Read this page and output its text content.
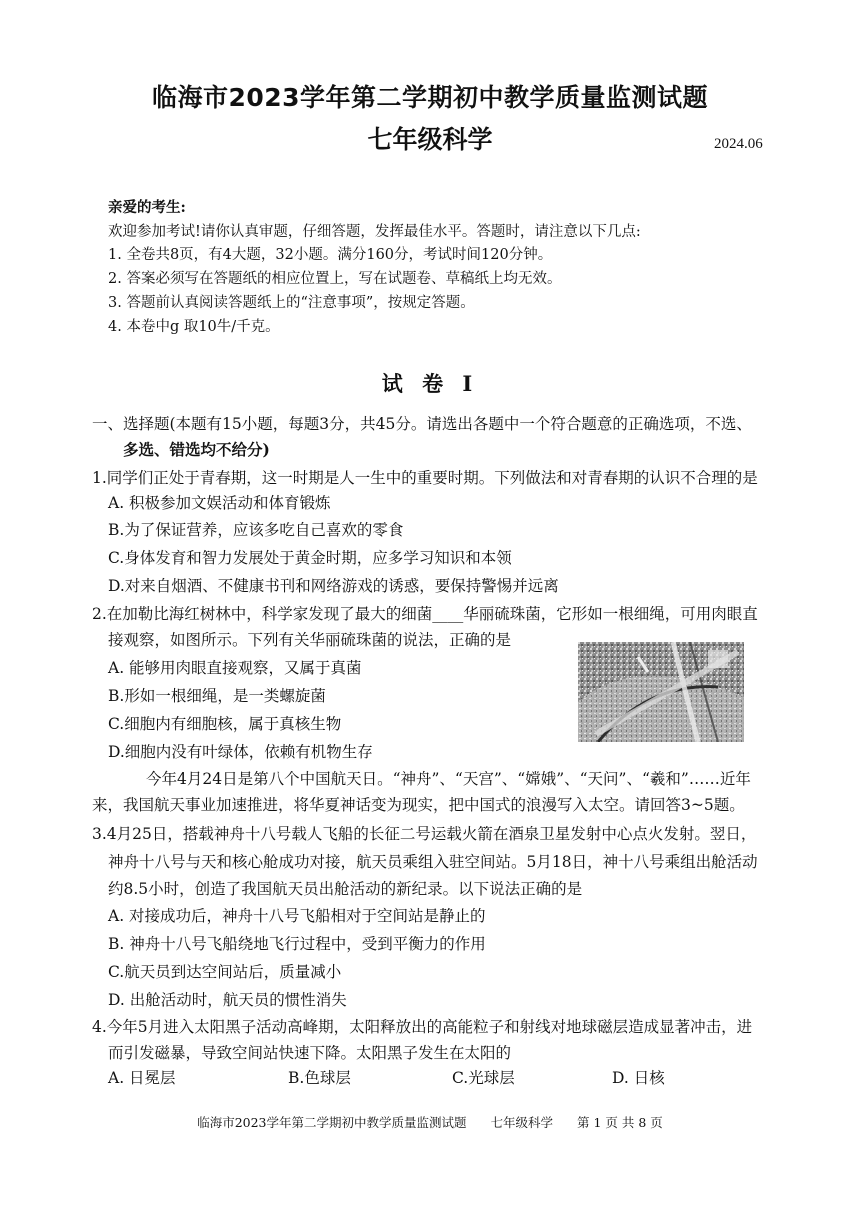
临海市2023学年第二学期初中教学质量监测试题
七年级科学	2024.06
亲爱的考生:
欢迎参加考试!请你认真审题，仔细答题，发挥最佳水平。答题时，请注意以下几点:
1. 全卷共8页，有4大题，32小题。满分160分，考试时间120分钟。
2. 答案必须写在答题纸的相应位置上，写在试题卷、草稿纸上均无效。
3. 答题前认真阅读答题纸上的“注意事项”，按规定答题。
4. 本卷中g 取10牛/千克。
试 卷 I
一、选择题(本题有15小题，每题3分，共45分。请选出各题中一个符合题意的正确选项，不选、
多选、错选均不给分)
1.同学们正处于青春期，这一时期是人一生中的重要时期。下列做法和对青春期的认识不合理的是
A. 积极参加文娱活动和体育锻炼
B.为了保证营养，应该多吃自己喜欢的零食
C.身体发育和智力发展处于黄金时期，应多学习知识和本领
D.对来自烟酒、不健康书刊和网络游戏的诱惑，要保持警惕并远离
2.在加勒比海红树林中，科学家发现了最大的细菌____华丽硫珠菌，它形如一根细绳，可用肉眼直
接观察，如图所示。下列有关华丽硫珠菌的说法，正确的是
A. 能够用肉眼直接观察，又属于真菌
B.形如一根细绳，是一类螺旋菌
C.细胞内有细胞核，属于真核生物
D.细胞内没有叶绿体，依赖有机物生存
今年4月24日是第八个中国航天日。“神舟”、“天宫”、“嫦娥”、“天问”、“羲和”……近年
来，我国航天事业加速推进，将华夏神话变为现实，把中国式的浪漫写入太空。请回答3~5题。
3.4月25日，搭载神舟十八号载人飞船的长征二号运载火箭在酒泉卫星发射中心点火发射。翌日，
神舟十八号与天和核心舱成功对接，航天员乘组入驻空间站。5月18日，神十八号乘组出舱活动
约8.5小时，创造了我国航天员出舱活动的新纪录。以下说法正确的是
A. 对接成功后，神舟十八号飞船相对于空间站是静止的
B. 神舟十八号飞船绕地飞行过程中，受到平衡力的作用
C.航天员到达空间站后，质量减小
D. 出舱活动时，航天员的惯性消失
4.今年5月进入太阳黑子活动高峰期，太阳释放出的高能粒子和射线对地球磁层造成显著冲击，进
而引发磁暴，导致空间站快速下降。太阳黑子发生在太阳的
A. 日冕层	B.色球层	C.光球层	D. 日核
临海市2023学年第二学期初中教学质量监测试题 七年级科学 第 1 页 共 8 页
